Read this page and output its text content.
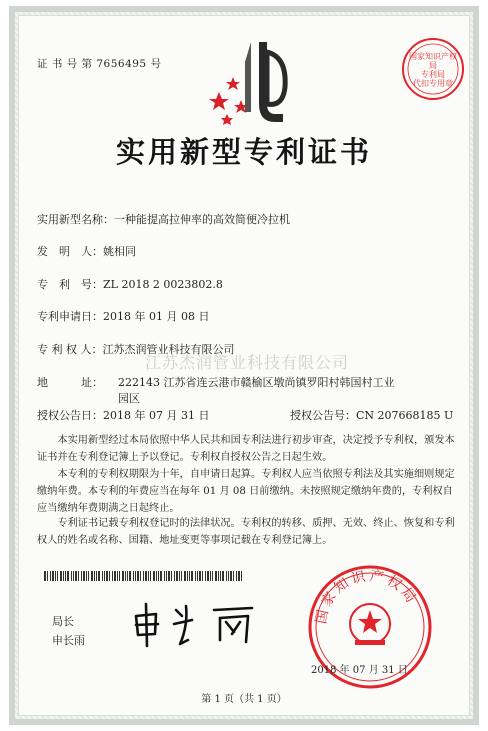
证 书 号 第 7656495 号
国家知识产权局
专利局
代扣专用章
实用新型专利证书
实用新型名称：一种能提高拉伸率的高效简便冷拉机
发　明　人：姚相同
专　利　号：ZL 2018 2 0023802.8
专利申请日：2018 年 01 月 08 日
专 利 权 人：江苏杰润管业科技有限公司
江苏杰润管业科技有限公司
地　　　址： 222143 江苏省连云港市赣榆区墩尚镇罗阳村韩国村工业
园区
授权公告日：2018 年 07 月 31 日	授权公告号：CN 207668185 U
本实用新型经过本局依照中华人民共和国专利法进行初步审查，决定授予专利权，颁发本证书并在专利登记簿上予以登记。专利权自授权公告之日起生效。
本专利的专利权期限为十年，自申请日起算。专利权人应当依照专利法及其实施细则规定缴纳年费。本专利的年费应当在每年 01 月 08 日前缴纳。未按照规定缴纳年费的，专利权自应当缴纳年费期满之日起终止。
专利证书记载专利权登记时的法律状况。专利权的转移、质押、无效、终止、恢复和专利权人的姓名或名称、国籍、地址变更等事项记载在专利登记簿上。
局长
申长雨
国家知识产权局
2018 年 07 月 31 日
第 1 页（共 1 页）
